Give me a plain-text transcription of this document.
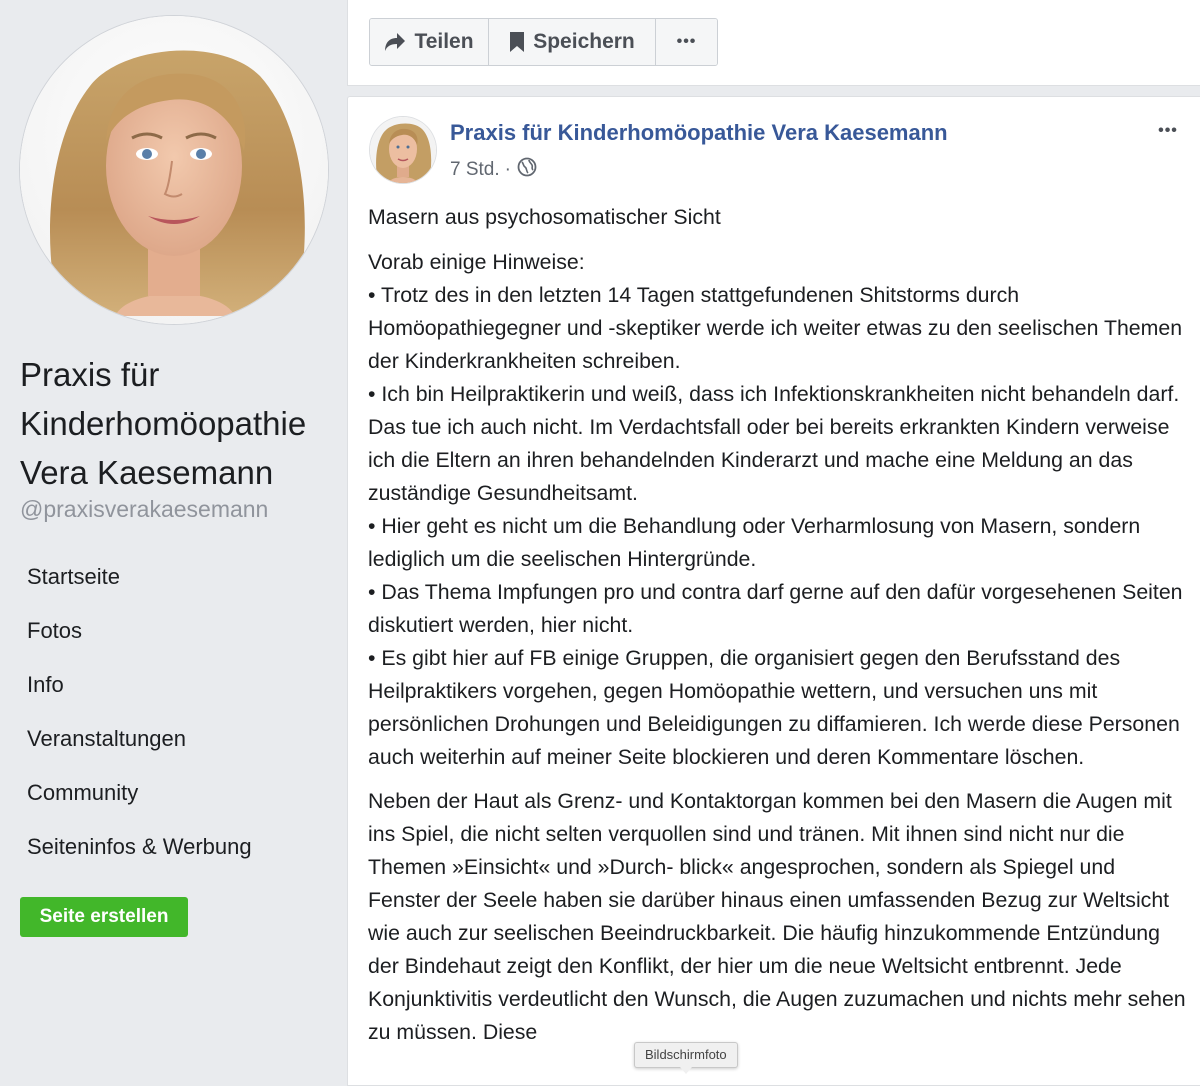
Praxis für Kinderhomöopathie Vera Kaesemann
@praxisverakaesemann
Startseite
Fotos
Info
Veranstaltungen
Community
Seiteninfos & Werbung
Seite erstellen
Teilen	Speichern	•••
Praxis für Kinderhomöopathie Vera Kaesemann
7 Std. ·
•••

Masern aus psychosomatischer Sicht

Vorab einige Hinweise:
• Trotz des in den letzten 14 Tagen stattgefundenen Shitstorms durch Homöopathiegegner und -skeptiker werde ich weiter etwas zu den seelischen Themen der Kinderkrankheiten schreiben.
• Ich bin Heilpraktikerin und weiß, dass ich Infektionskrankheiten nicht behandeln darf. Das tue ich auch nicht. Im Verdachtsfall oder bei bereits erkrankten Kindern verweise ich die Eltern an ihren behandelnden Kinderarzt und mache eine Meldung an das zuständige Gesundheitsamt.
• Hier geht es nicht um die Behandlung oder Verharmlosung von Masern, sondern lediglich um die seelischen Hintergründe.
• Das Thema Impfungen pro und contra darf gerne auf den dafür vorgesehenen Seiten diskutiert werden, hier nicht.
• Es gibt hier auf FB einige Gruppen, die organisiert gegen den Berufsstand des Heilpraktikers vorgehen, gegen Homöopathie wettern, und versuchen uns mit persönlichen Drohungen und Beleidigungen zu diffamieren. Ich werde diese Personen auch weiterhin auf meiner Seite blockieren und deren Kommentare löschen.

Neben der Haut als Grenz- und Kontaktorgan kommen bei den Masern die Augen mit ins Spiel, die nicht selten verquollen sind und tränen. Mit ihnen sind nicht nur die Themen »Einsicht« und »Durch- blick« angesprochen, sondern als Spiegel und Fenster der Seele haben sie darüber hinaus einen umfassenden Bezug zur Weltsicht wie auch zur seelischen Beeindruckbarkeit. Die häufig hinzukommende Entzündung der Bindehaut zeigt den Konflikt, der hier um die neue Weltsicht entbrennt. Jede Konjunktivitis verdeutlicht den Wunsch, die Augen zuzumachen und nichts mehr sehen zu müssen. Diese

Bildschirmfoto
